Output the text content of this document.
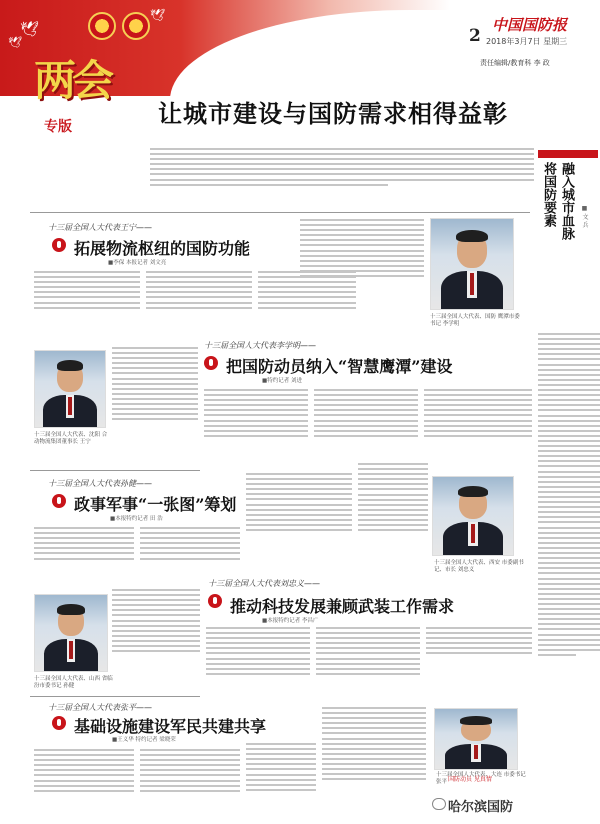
🕊
🕊
🕊
两会
专版
2
中国国防报
2018年3月7日 星期三
责任编辑/教育科 李 政
让城市建设与国防需求相得益彰
将国防要素 融入城市血脉 ■ 文 兵
十三届全国人大代表王宁——
拓展物流枢纽的国防功能
■李保 本报记者 刘文亮
十三届全国人大代表、沈阳 合动物流集团董事长 王宁
十三届全国人大代表、国防 鹰潭市委书记 李学明
十三届全国人大代表李学明——
把国防动员纳入“智慧鹰潭”建设
■特约记者 刘进
十三届全国人大代表孙健——
政事军事“一张图”筹划
■本报特约记者 田 浩
十三届全国人大代表、西安 市委副书记、市长 刘忠义
十三届全国人大代表、山西 省临汾市委书记 孙健
十三届全国人大代表刘忠义——
推动科技发展兼顾武装工作需求
■本报特约记者 李昌广
十三届全国人大代表张平——
基础设施建设军民共建共享
■王义华 特约记者 梁晓荣
十三届全国人大代表、大连 市委书记 张平 国防动员 见真情
哈尔滨国防
